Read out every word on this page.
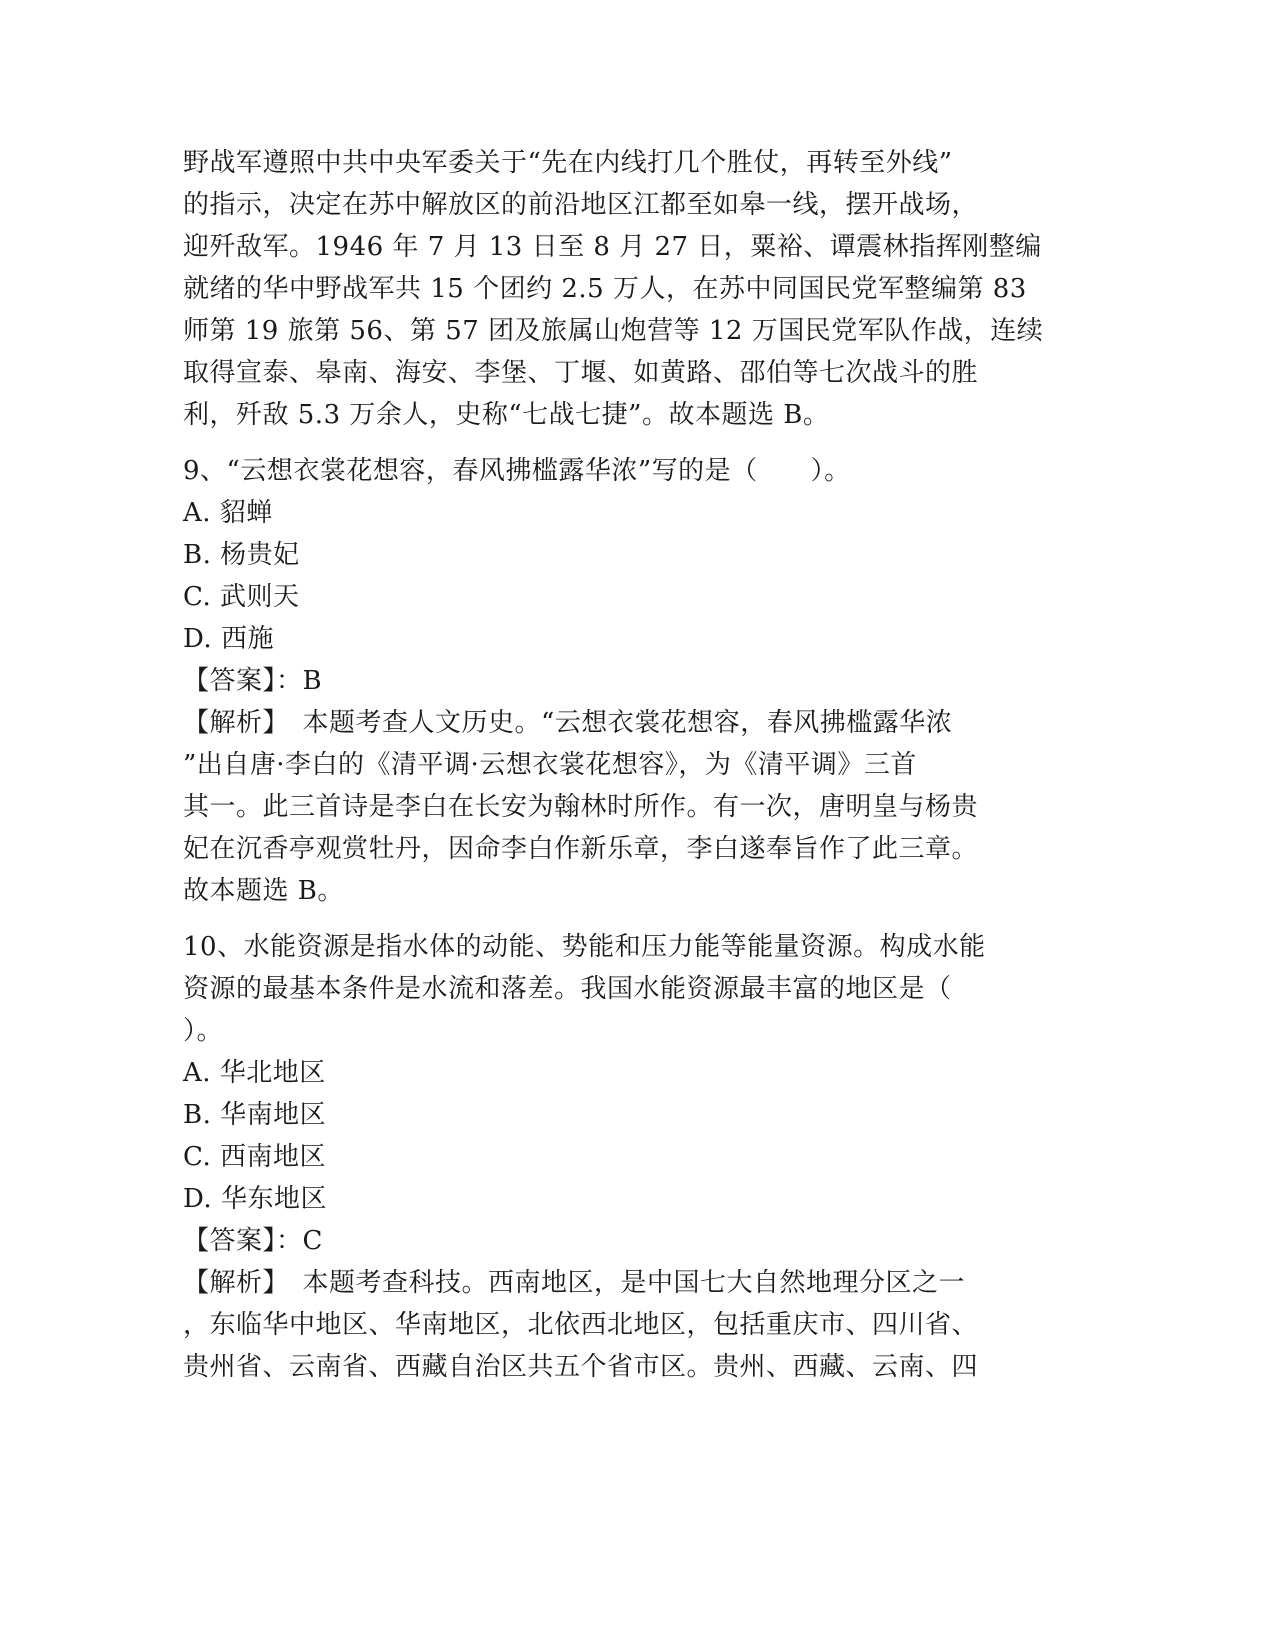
野战军遵照中共中央军委关于“先在内线打几个胜仗，再转至外线”
的指示，决定在苏中解放区的前沿地区江都至如皋一线，摆开战场，
迎歼敌军。1946 年 7 月 13 日至 8 月 27 日，粟裕、谭震林指挥刚整编
就绪的华中野战军共 15 个团约 2.5 万人，在苏中同国民党军整编第 83
师第 19 旅第 56、第 57 团及旅属山炮营等 12 万国民党军队作战，连续
取得宣泰、皋南、海安、李堡、丁堰、如黄路、邵伯等七次战斗的胜
利，歼敌 5.3 万余人，史称“七战七捷”。故本题选 B。
9、“云想衣裳花想容，春风拂槛露华浓”写的是（　　）。
A. 貂蝉
B. 杨贵妃
C. 武则天
D. 西施
【答案】：B
【解析】　本题考查人文历史。“云想衣裳花想容，春风拂槛露华浓
”出自唐·李白的《清平调·云想衣裳花想容》，为《清平调》三首
其一。此三首诗是李白在长安为翰林时所作。有一次，唐明皇与杨贵
妃在沉香亭观赏牡丹，因命李白作新乐章，李白遂奉旨作了此三章。
故本题选 B。
10、水能资源是指水体的动能、势能和压力能等能量资源。构成水能
资源的最基本条件是水流和落差。我国水能资源最丰富的地区是（
）。
A. 华北地区
B. 华南地区
C. 西南地区
D. 华东地区
【答案】：C
【解析】　本题考查科技。西南地区，是中国七大自然地理分区之一
，东临华中地区、华南地区，北依西北地区，包括重庆市、四川省、
贵州省、云南省、西藏自治区共五个省市区。贵州、西藏、云南、四
